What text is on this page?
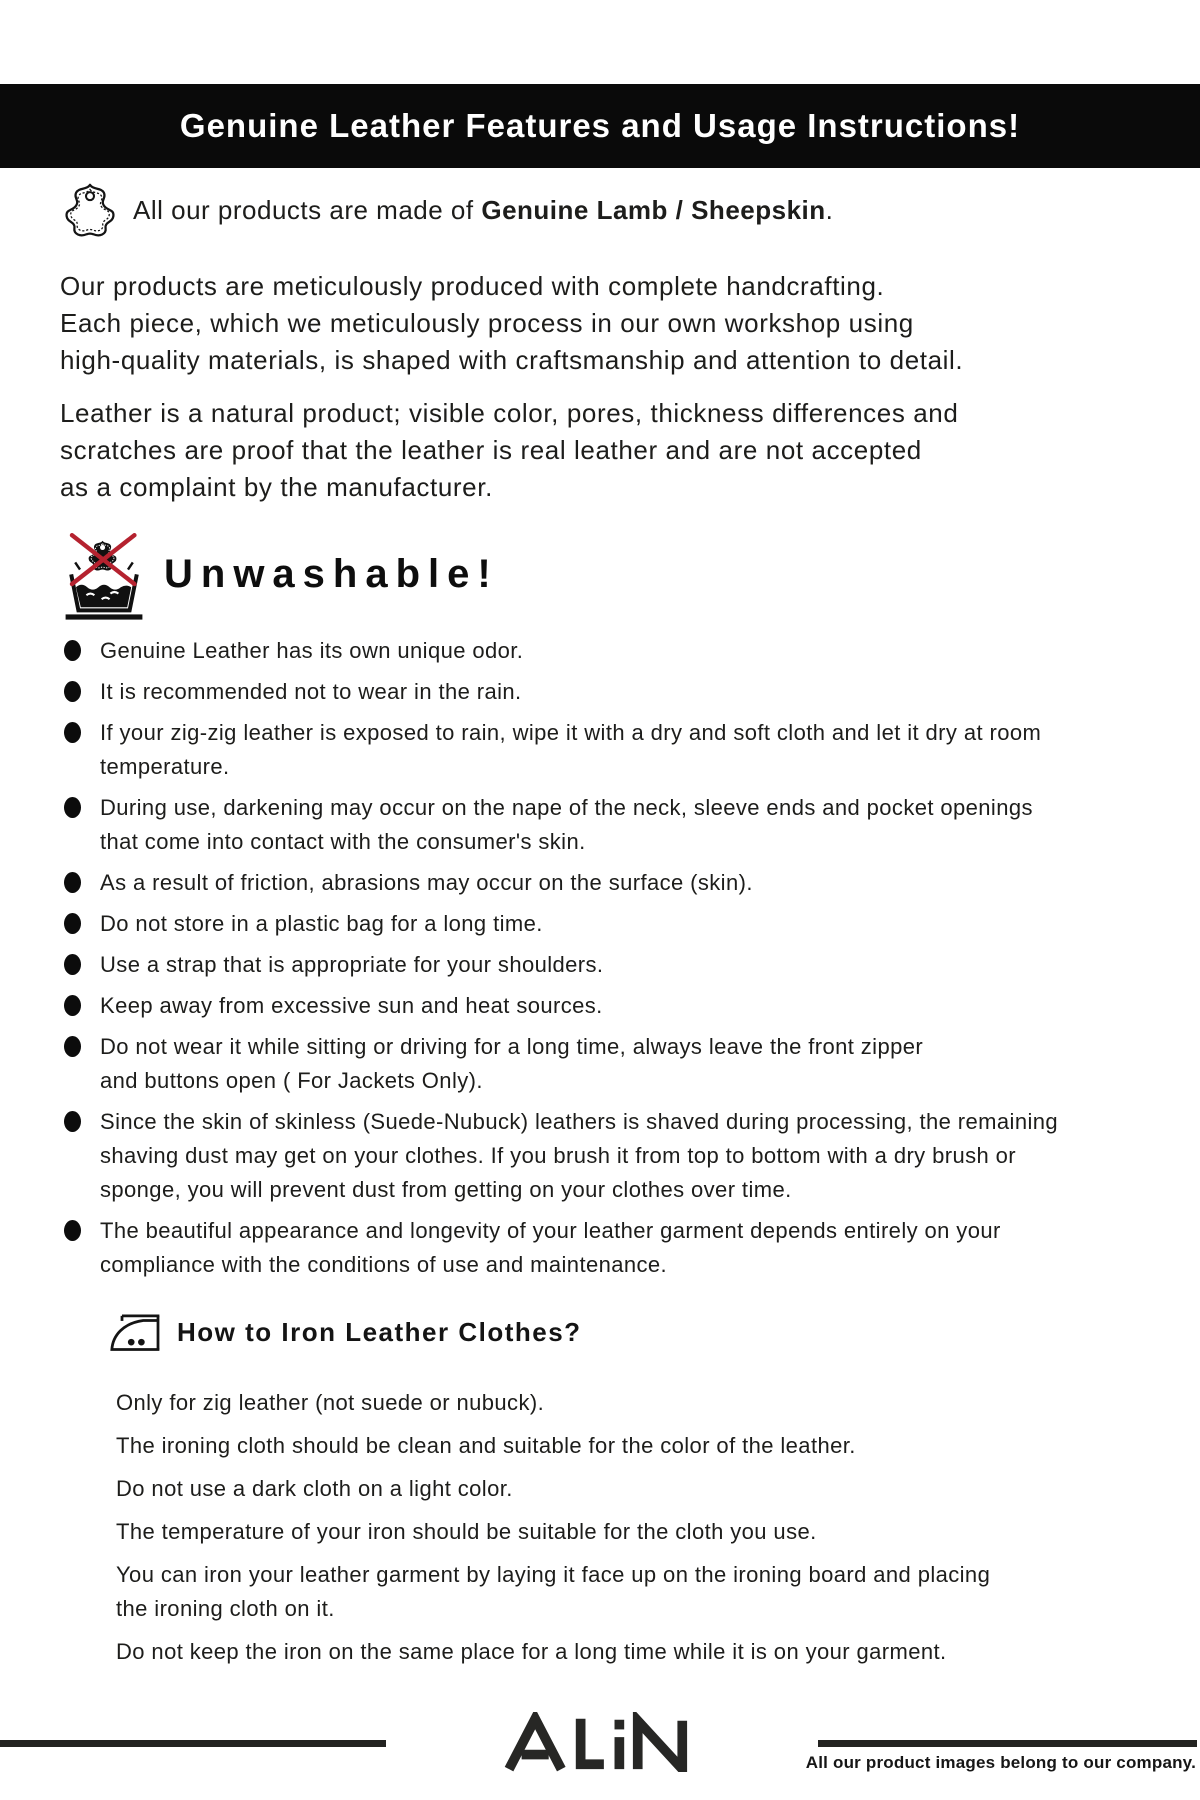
Genuine Leather Features and Usage Instructions!

All our products are made of Genuine Lamb / Sheepskin.

Our products are meticulously produced with complete handcrafting.
Each piece, which we meticulously process in our own workshop using
high-quality materials, is shaped with craftsmanship and attention to detail.

Leather is a natural product; visible color, pores, thickness differences and
scratches are proof that the leather is real leather and are not accepted
as a complaint by the manufacturer.

Unwashable!
Genuine Leather has its own unique odor.
It is recommended not to wear in the rain.
If your zig-zig leather is exposed to rain, wipe it with a dry and soft cloth and let it dry at room
temperature.
During use, darkening may occur on the nape of the neck, sleeve ends and pocket openings
that come into contact with the consumer's skin.
As a result of friction, abrasions may occur on the surface (skin).
Do not store in a plastic bag for a long time.
Use a strap that is appropriate for your shoulders.
Keep away from excessive sun and heat sources.
Do not wear it while sitting or driving for a long time, always leave the front zipper
and buttons open ( For Jackets Only).
Since the skin of skinless (Suede-Nubuck) leathers is shaved during processing, the remaining
shaving dust may get on your clothes. If you brush it from top to bottom with a dry brush or
sponge, you will prevent dust from getting on your clothes over time.
The beautiful appearance and longevity of your leather garment depends entirely on your
compliance with the conditions of use and maintenance.
How to Iron Leather Clothes?

Only for zig leather (not suede or nubuck).

The ironing cloth should be clean and suitable for the color of the leather.

Do not use a dark cloth on a light color.

The temperature of your iron should be suitable for the cloth you use.

You can iron your leather garment by laying it face up on the ironing board and placing
the ironing cloth on it.

Do not keep the iron on the same place for a long time while it is on your garment.

All our product images belong to our company.
